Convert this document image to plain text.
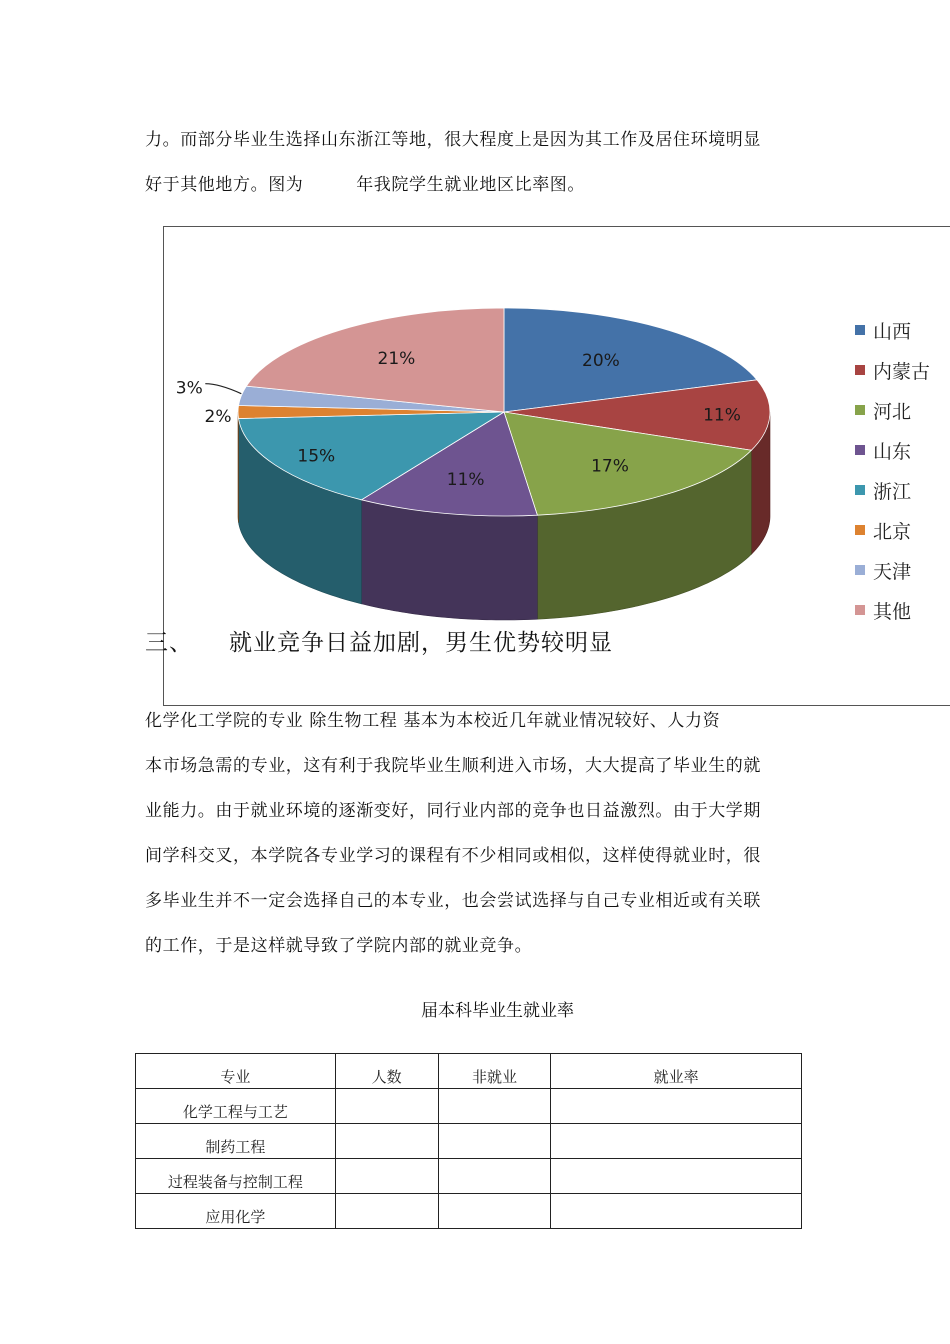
力。而部分毕业生选择山东浙江等地，很大程度上是因为其工作及居住环境明显
好于其他地方。图为　　　年我院学生就业地区比率图。
20%
11%
17%
11%
15%
2%
3%
21%
山西
内蒙古
河北
山东
浙江
北京
天津
其他
三、 就业竞争日益加剧，男生优势较明显
化学化工学院的专业 除生物工程 基本为本校近几年就业情况较好、人力资
本市场急需的专业，这有利于我院毕业生顺利进入市场，大大提高了毕业生的就
业能力。由于就业环境的逐渐变好，同行业内部的竞争也日益激烈。由于大学期
间学科交叉，本学院各专业学习的课程有不少相同或相似，这样使得就业时，很
多毕业生并不一定会选择自己的本专业，也会尝试选择与自己专业相近或有关联
的工作，于是这样就导致了学院内部的就业竞争。
届本科毕业生就业率
专业	人数	非就业	就业率
化学工程与工艺			
制药工程			
过程装备与控制工程			
应用化学			
